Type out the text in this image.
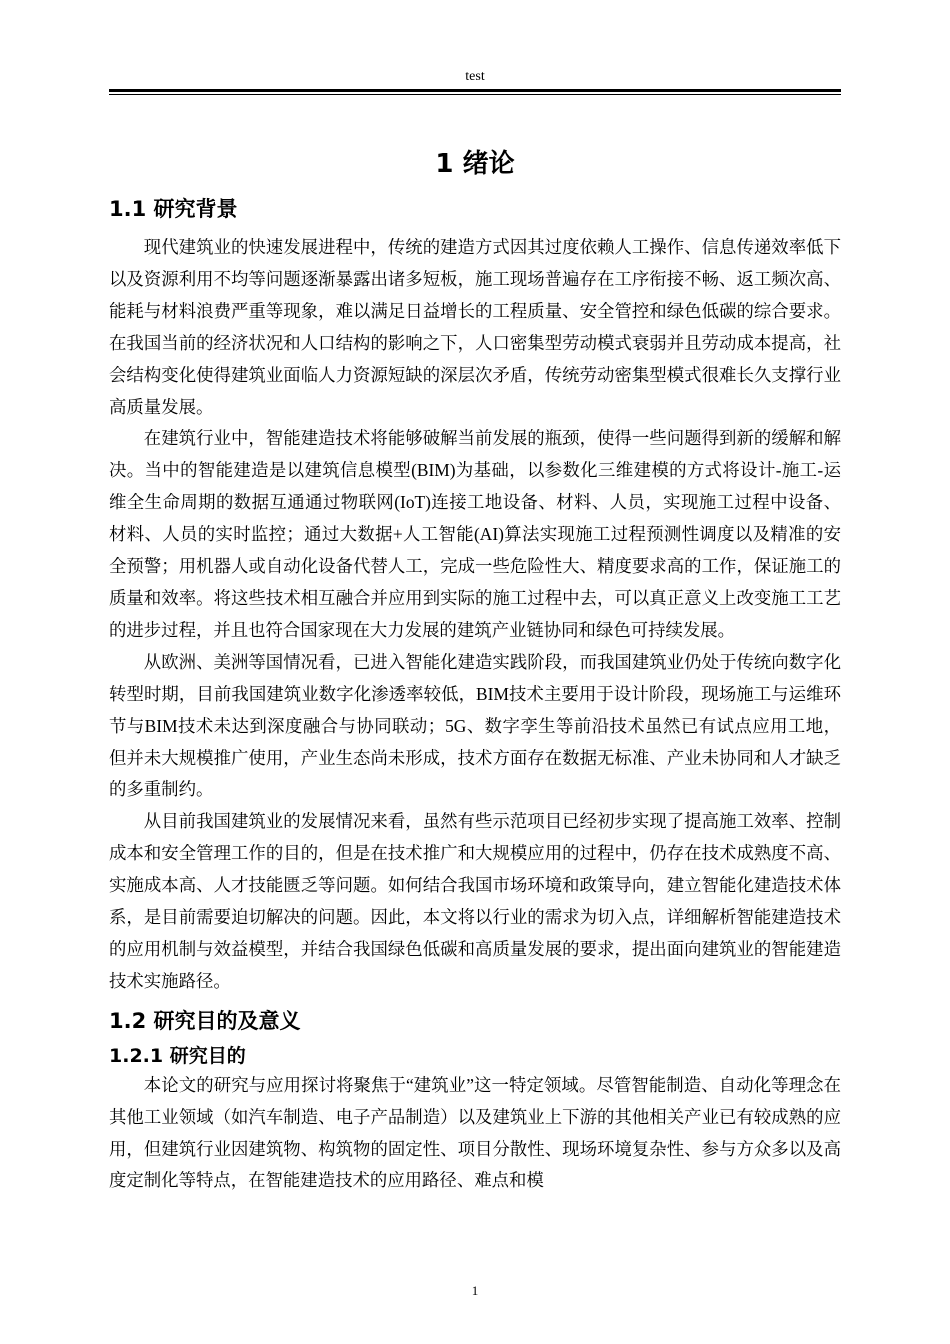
test
1 绪论
1.1 研究背景

现代建筑业的快速发展进程中，传统的建造方式因其过度依赖人工操作、信息传递效率低下以及资源利用不均等问题逐渐暴露出诸多短板，施工现场普遍存在工序衔接不畅、返工频次高、能耗与材料浪费严重等现象，难以满足日益增长的工程质量、安全管控和绿色低碳的综合要求。在我国当前的经济状况和人口结构的影响之下，人口密集型劳动模式衰弱并且劳动成本提高，社会结构变化使得建筑业面临人力资源短缺的深层次矛盾，传统劳动密集型模式很难长久支撑行业高质量发展。

在建筑行业中，智能建造技术将能够破解当前发展的瓶颈，使得一些问题得到新的缓解和解决。当中的智能建造是以建筑信息模型(BIM)为基础，以参数化三维建模的方式将设计-施工-运维全生命周期的数据互通通过物联网(IoT)连接工地设备、材料、人员，实现施工过程中设备、材料、人员的实时监控；通过大数据+人工智能(AI)算法实现施工过程预测性调度以及精准的安全预警；用机器人或自动化设备代替人工，完成一些危险性大、精度要求高的工作，保证施工的质量和效率。将这些技术相互融合并应用到实际的施工过程中去，可以真正意义上改变施工工艺的进步过程，并且也符合国家现在大力发展的建筑产业链协同和绿色可持续发展。

从欧洲、美洲等国情况看，已进入智能化建造实践阶段，而我国建筑业仍处于传统向数字化转型时期，目前我国建筑业数字化渗透率较低，BIM技术主要用于设计阶段，现场施工与运维环节与BIM技术未达到深度融合与协同联动；5G、数字孪生等前沿技术虽然已有试点应用工地，但并未大规模推广使用，产业生态尚未形成，技术方面存在数据无标准、产业未协同和人才缺乏的多重制约。

从目前我国建筑业的发展情况来看，虽然有些示范项目已经初步实现了提高施工效率、控制成本和安全管理工作的目的，但是在技术推广和大规模应用的过程中，仍存在技术成熟度不高、实施成本高、人才技能匮乏等问题。如何结合我国市场环境和政策导向，建立智能化建造技术体系，是目前需要迫切解决的问题。因此，本文将以行业的需求为切入点，详细解析智能建造技术的应用机制与效益模型，并结合我国绿色低碳和高质量发展的要求，提出面向建筑业的智能建造技术实施路径。

1.2 研究目的及意义
1.2.1 研究目的

本论文的研究与应用探讨将聚焦于“建筑业”这一特定领域。尽管智能制造、自动化等理念在其他工业领域（如汽车制造、电子产品制造）以及建筑业上下游的其他相关产业已有较成熟的应用，但建筑行业因建筑物、构筑物的固定性、项目分散性、现场环境复杂性、参与方众多以及高度定制化等特点，在智能建造技术的应用路径、难点和模

1
